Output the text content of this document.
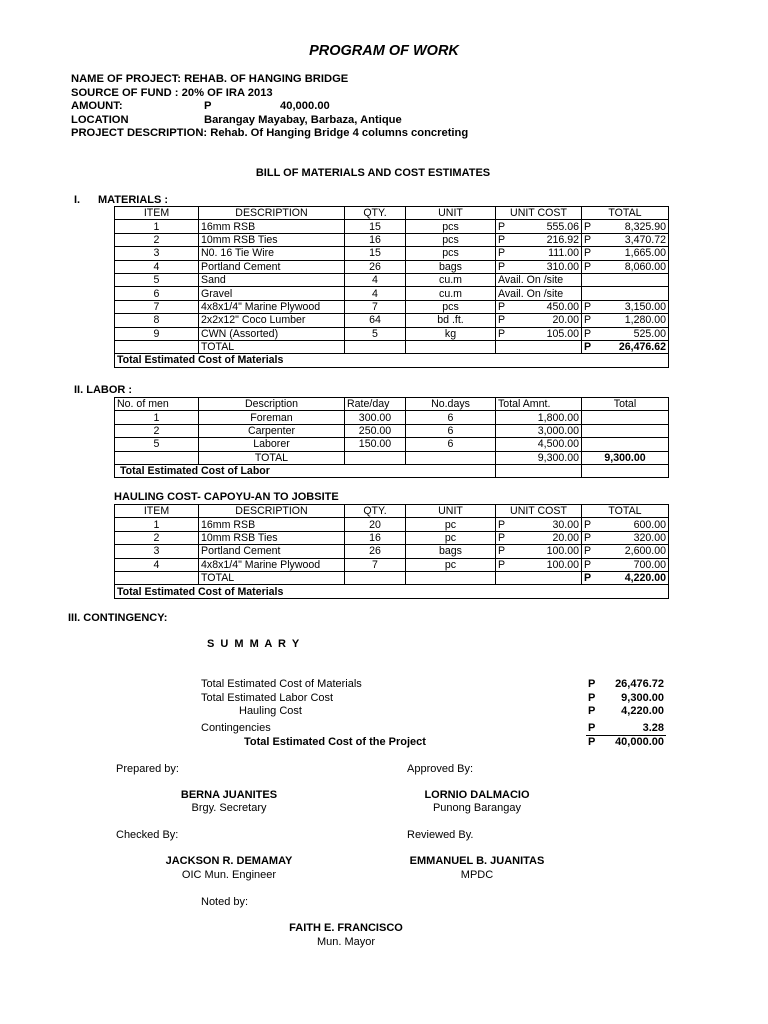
PROGRAM OF WORK
NAME OF PROJECT: REHAB. OF HANGING BRIDGE
SOURCE OF FUND : 20% OF IRA 2013
AMOUNT:	P	40,000.00
LOCATION	Barangay Mayabay, Barbaza, Antique
PROJECT DESCRIPTION: Rehab. Of Hanging Bridge 4 columns concreting
BILL OF MATERIALS AND COST ESTIMATES
I. MATERIALS :
ITEM	DESCRIPTION	QTY.	UNIT	UNIT COST	TOTAL
1	16mm RSB	15	pcs	P 555.06	P 8,325.90

2	10mm RSB Ties	16	pcs	P 216.92	P 3,470.72

3	N0. 16 Tie Wire	15	pcs	P 111.00	P 1,665.00

4	Portland Cement	26	bags	P 310.00	P 8,060.00

5	Sand	4	cu.m	Avail. On /site	
6	Gravel	4	cu.m	Avail. On /site	
7	4x8x1/4" Marine Plywood	7	pcs	P 450.00	P 3,150.00

8	2x2x12" Coco Lumber	64	bd .ft.	P 20.00	P 1,280.00

9	CWN (Assorted)	5	kg	P 105.00	P 525.00

	TOTAL				P 26,476.62

Total Estimated Cost of Materials					
II. LABOR :
No. of men	Description	Rate/day	No.days	Total Amnt.	Total
1	Foreman	300.00	6	1,800.00	
2	Carpenter	250.00	6	3,000.00	
5	Laborer	150.00	6	4,500.00	
	TOTAL			9,300.00	9,300.00
Total Estimated Cost of Labor					
HAULING COST- CAPOYU-AN TO JOBSITE
ITEM	DESCRIPTION	QTY.	UNIT	UNIT COST	TOTAL
1	16mm RSB	20	pc	P 30.00	P 600.00

2	10mm RSB Ties	16	pc	P 20.00	P 320.00

3	Portland Cement	26	bags	P 100.00	P 2,600.00

4	4x8x1/4" Marine Plywood	7	pc	P 100.00	P 700.00

	TOTAL				P 4,220.00

Total Estimated Cost of Materials					
III. CONTINGENCY:
S U M M A R Y
Total Estimated Cost of Materials	P 26,476.72
Total Estimated Labor Cost	P 9,300.00
Hauling Cost	P 4,220.00
Contingencies	P	3.28
Total Estimated Cost of the Project	P 40,000.00
Prepared by:	Approved By:
BERNA JUANITES
Brgy. Secretary
LORNIO DALMACIO
Punong Barangay
Checked By:	Reviewed By.
JACKSON R. DEMAMAY
OIC Mun. Engineer
EMMANUEL B. JUANITAS
MPDC
Noted by:
FAITH E. FRANCISCO
Mun. Mayor
